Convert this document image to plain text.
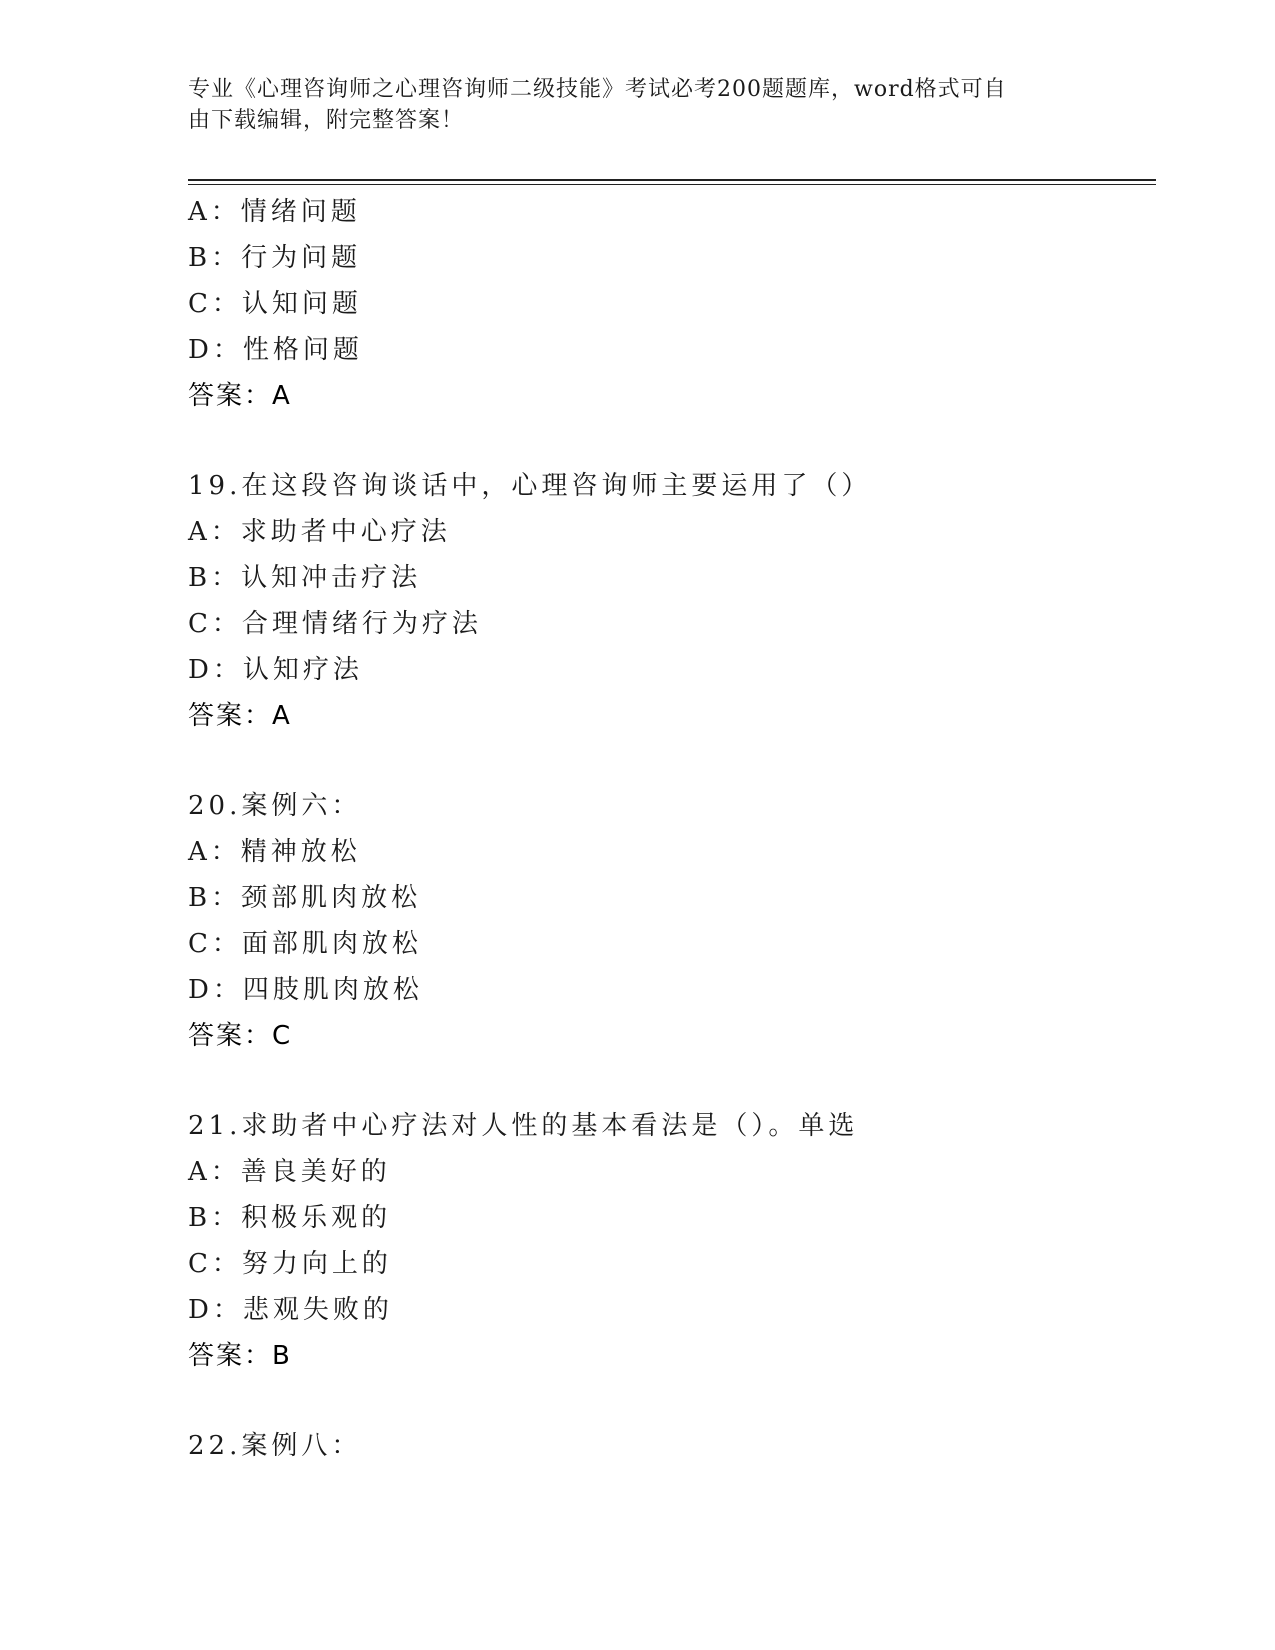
专业《心理咨询师之心理咨询师二级技能》考试必考200题题库，word格式可自
由下载编辑，附完整答案！
A：情绪问题
B：行为问题
C：认知问题
D：性格问题
答案：A
19.在这段咨询谈话中，心理咨询师主要运用了（）
A：求助者中心疗法
B：认知冲击疗法
C：合理情绪行为疗法
D：认知疗法
答案：A
20.案例六：
A：精神放松
B：颈部肌肉放松
C：面部肌肉放松
D：四肢肌肉放松
答案：C
21.求助者中心疗法对人性的基本看法是（）。单选
A：善良美好的
B：积极乐观的
C：努力向上的
D：悲观失败的
答案：B
22.案例八：
